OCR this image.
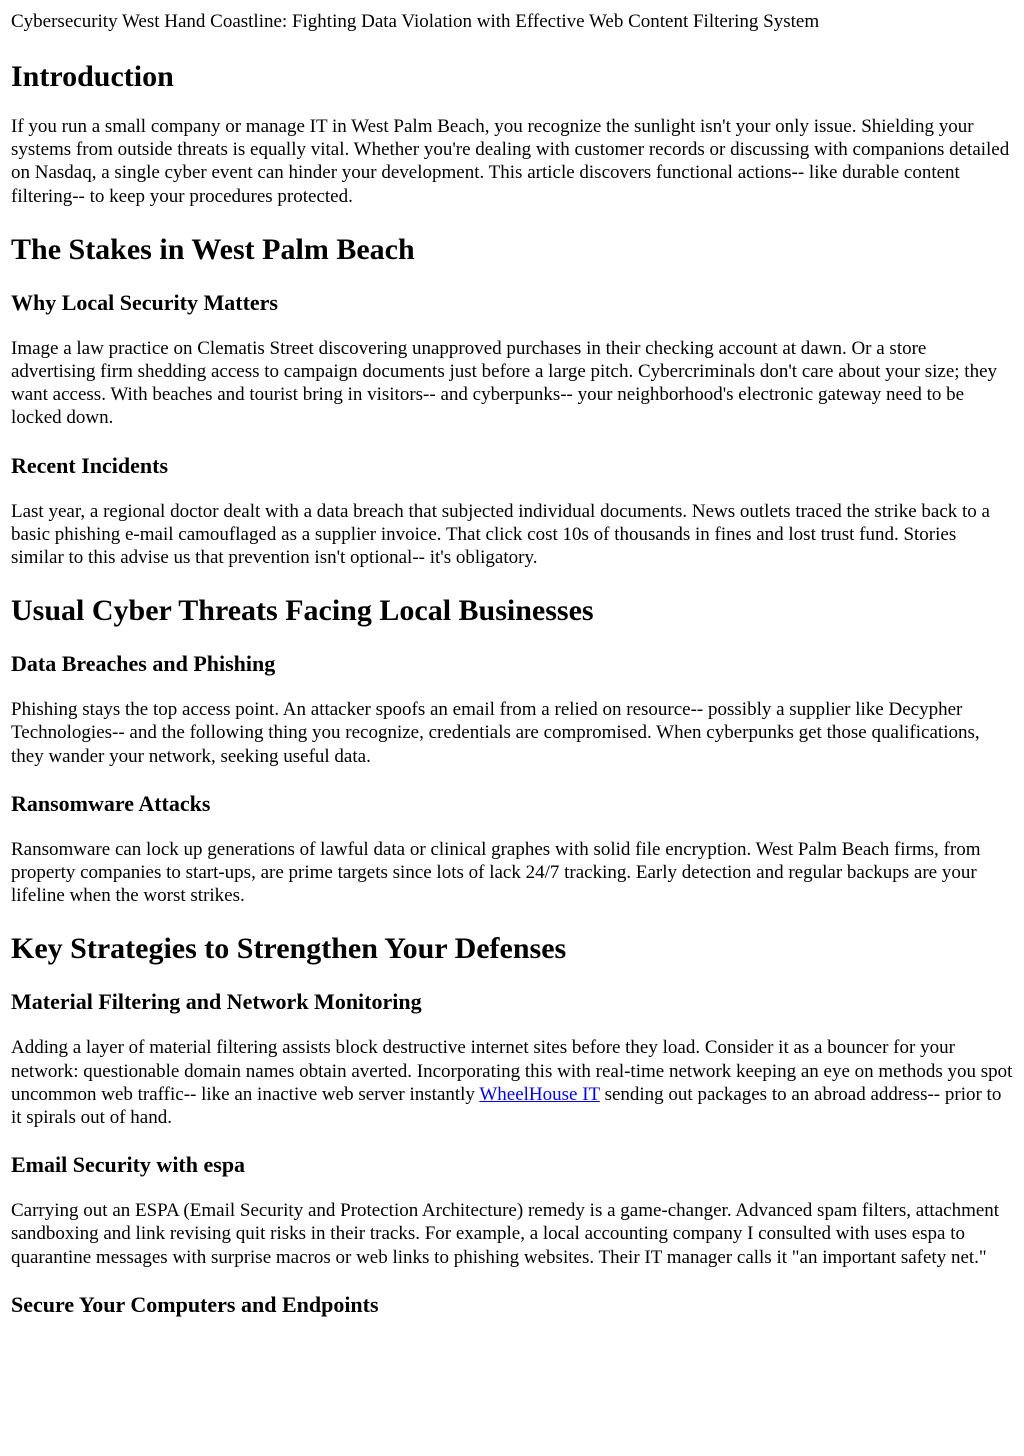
Cybersecurity West Hand Coastline: Fighting Data Violation with Effective Web Content Filtering System
Introduction

If you run a small company or manage IT in West Palm Beach, you recognize the sunlight isn't your only issue. Shielding your systems from outside threats is equally vital. Whether you're dealing with customer records or discussing with companions detailed on Nasdaq, a single cyber event can hinder your development. This article discovers functional actions-- like durable content filtering-- to keep your procedures protected.

The Stakes in West Palm Beach
Why Local Security Matters

Image a law practice on Clematis Street discovering unapproved purchases in their checking account at dawn. Or a store advertising firm shedding access to campaign documents just before a large pitch. Cybercriminals don't care about your size; they want access. With beaches and tourist bring in visitors-- and cyberpunks-- your neighborhood's electronic gateway need to be locked down.

Recent Incidents

Last year, a regional doctor dealt with a data breach that subjected individual documents. News outlets traced the strike back to a basic phishing e-mail camouflaged as a supplier invoice. That click cost 10s of thousands in fines and lost trust fund. Stories similar to this advise us that prevention isn't optional-- it's obligatory.

Usual Cyber Threats Facing Local Businesses
Data Breaches and Phishing

Phishing stays the top access point. An attacker spoofs an email from a relied on resource-- possibly a supplier like Decypher Technologies-- and the following thing you recognize, credentials are compromised. When cyberpunks get those qualifications, they wander your network, seeking useful data.

Ransomware Attacks

Ransomware can lock up generations of lawful data or clinical graphes with solid file encryption. West Palm Beach firms, from property companies to start-ups, are prime targets since lots of lack 24/7 tracking. Early detection and regular backups are your lifeline when the worst strikes.

Key Strategies to Strengthen Your Defenses
Material Filtering and Network Monitoring

Adding a layer of material filtering assists block destructive internet sites before they load. Consider it as a bouncer for your network: questionable domain names obtain averted. Incorporating this with real-time network keeping an eye on methods you spot uncommon web traffic-- like an inactive web server instantly WheelHouse IT sending out packages to an abroad address-- prior to it spirals out of hand.

Email Security with espa

Carrying out an ESPA (Email Security and Protection Architecture) remedy is a game-changer. Advanced spam filters, attachment sandboxing and link revising quit risks in their tracks. For example, a local accounting company I consulted with uses espa to quarantine messages with surprise macros or web links to phishing websites. Their IT manager calls it "an important safety net."

Secure Your Computers and Endpoints
